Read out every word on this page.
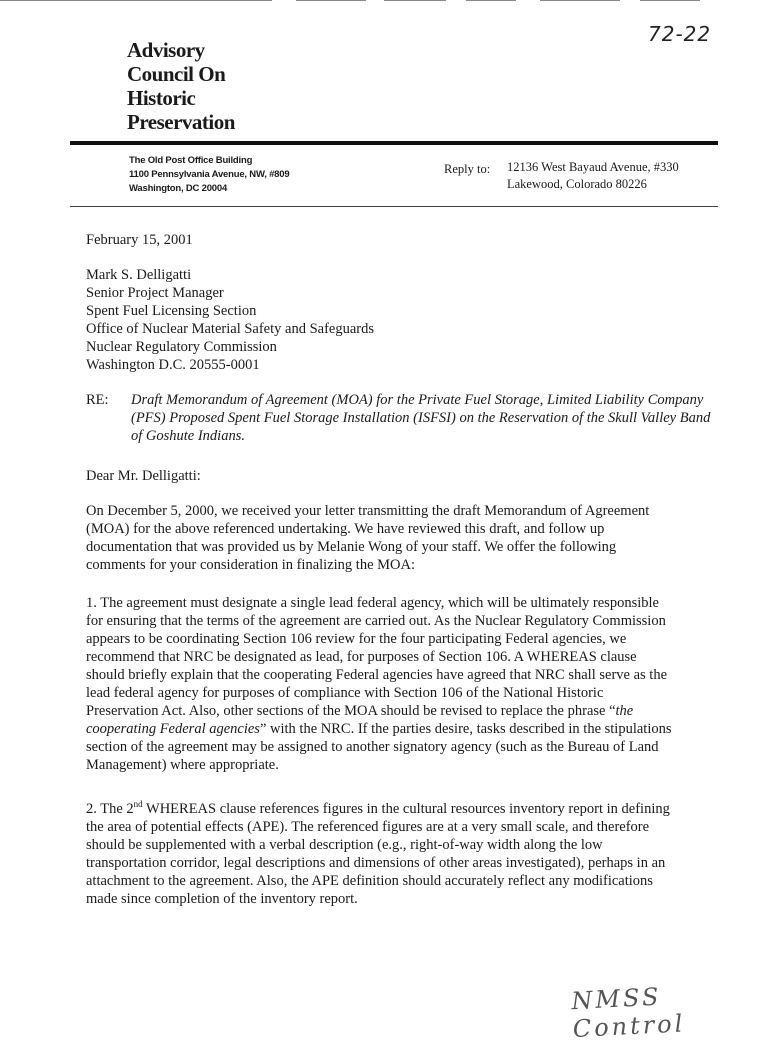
72-22
Advisory
Council On
Historic
Preservation
The Old Post Office Building
1100 Pennsylvania Avenue, NW, #809
Washington, DC 20004
Reply to: 12136 West Bayaud Avenue, #330
Lakewood, Colorado 80226
February 15, 2001
Mark S. Delligatti
Senior Project Manager
Spent Fuel Licensing Section
Office of Nuclear Material Safety and Safeguards
Nuclear Regulatory Commission
Washington D.C. 20555-0001
RE: Draft Memorandum of Agreement (MOA) for the Private Fuel Storage, Limited Liability Company (PFS) Proposed Spent Fuel Storage Installation (ISFSI) on the Reservation of the Skull Valley Band of Goshute Indians.
Dear Mr. Delligatti:
On December 5, 2000, we received your letter transmitting the draft Memorandum of Agreement (MOA) for the above referenced undertaking. We have reviewed this draft, and follow up documentation that was provided us by Melanie Wong of your staff. We offer the following comments for your consideration in finalizing the MOA:
1. The agreement must designate a single lead federal agency, which will be ultimately responsible for ensuring that the terms of the agreement are carried out. As the Nuclear Regulatory Commission appears to be coordinating Section 106 review for the four participating Federal agencies, we recommend that NRC be designated as lead, for purposes of Section 106. A WHEREAS clause should briefly explain that the cooperating Federal agencies have agreed that NRC shall serve as the lead federal agency for purposes of compliance with Section 106 of the National Historic Preservation Act. Also, other sections of the MOA should be revised to replace the phrase “the cooperating Federal agencies” with the NRC. If the parties desire, tasks described in the stipulations section of the agreement may be assigned to another signatory agency (such as the Bureau of Land Management) where appropriate.
2. The 2nd WHEREAS clause references figures in the cultural resources inventory report in defining the area of potential effects (APE). The referenced figures are at a very small scale, and therefore should be supplemented with a verbal description (e.g., right-of-way width along the low transportation corridor, legal descriptions and dimensions of other areas investigated), perhaps in an attachment to the agreement. Also, the APE definition should accurately reflect any modifications made since completion of the inventory report.
NMSS Control
